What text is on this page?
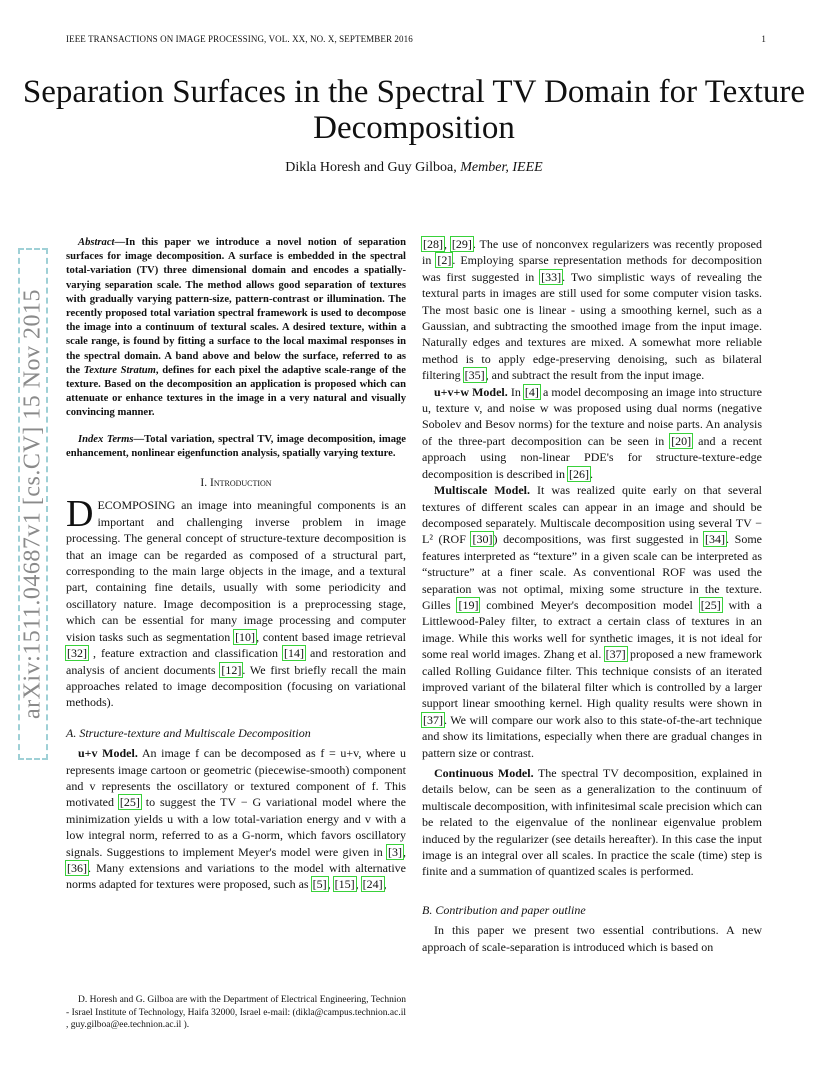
IEEE TRANSACTIONS ON IMAGE PROCESSING, VOL. XX, NO. X, SEPTEMBER 2016	1
Separation Surfaces in the Spectral TV Domain for Texture Decomposition
Dikla Horesh and Guy Gilboa, Member, IEEE
arXiv:1511.04687v1 [cs.CV] 15 Nov 2015

Abstract—In this paper we introduce a novel notion of separation surfaces for image decomposition. A surface is embedded in the spectral total-variation (TV) three dimensional domain and encodes a spatially-varying separation scale. The method allows good separation of textures with gradually varying pattern-size, pattern-contrast or illumination. The recently proposed total variation spectral framework is used to decompose the image into a continuum of textural scales. A desired texture, within a scale range, is found by fitting a surface to the local maximal responses in the spectral domain. A band above and below the surface, referred to as the Texture Stratum, defines for each pixel the adaptive scale-range of the texture. Based on the decomposition an application is proposed which can attenuate or enhance textures in the image in a very natural and visually convincing manner.

Index Terms—Total variation, spectral TV, image decomposition, image enhancement, nonlinear eigenfunction analysis, spatially varying texture.

I. Introduction

DECOMPOSING an image into meaningful components is an important and challenging inverse problem in image processing. The general concept of structure-texture decomposition is that an image can be regarded as composed of a structural part, corresponding to the main large objects in the image, and a textural part, containing fine details, usually with some periodicity and oscillatory nature. Image decomposition is a preprocessing stage, which can be essential for many image processing and computer vision tasks such as segmentation [10], content based image retrieval [32] , feature extraction and classification [14] and restoration and analysis of ancient documents [12]. We first briefly recall the main approaches related to image decomposition (focusing on variational methods).

A. Structure-texture and Multiscale Decomposition

u+v Model. An image f can be decomposed as f = u+v, where u represents image cartoon or geometric (piecewise-smooth) component and v represents the oscillatory or textured component of f. This motivated [25] to suggest the TV − G variational model where the minimization yields u with a low total-variation energy and v with a low integral norm, referred to as a G-norm, which favors oscillatory signals. Suggestions to implement Meyer's model were given in [3], [36]. Many extensions and variations to the model with alternative norms adapted for textures were proposed, such as [5], [15], [24],

D. Horesh and G. Gilboa are with the Department of Electrical Engineering, Technion - Israel Institute of Technology, Haifa 32000, Israel e-mail: (dikla@campus.technion.ac.il , guy.gilboa@ee.technion.ac.il ).

[28], [29]. The use of nonconvex regularizers was recently proposed in [2]. Employing sparse representation methods for decomposition was first suggested in [33]. Two simplistic ways of revealing the textural parts in images are still used for some computer vision tasks. The most basic one is linear - using a smoothing kernel, such as a Gaussian, and subtracting the smoothed image from the input image. Naturally edges and textures are mixed. A somewhat more reliable method is to apply edge-preserving denoising, such as bilateral filtering [35], and subtract the result from the input image.

u+v+w Model. In [4] a model decomposing an image into structure u, texture v, and noise w was proposed using dual norms (negative Sobolev and Besov norms) for the texture and noise parts. An analysis of the three-part decomposition can be seen in [20] and a recent approach using non-linear PDE's for structure-texture-edge decomposition is described in [26].

Multiscale Model. It was realized quite early on that several textures of different scales can appear in an image and should be decomposed separately. Multiscale decomposition using several TV − L² (ROF [30]) decompositions, was first suggested in [34]. Some features interpreted as “texture” in a given scale can be interpreted as “structure” at a finer scale. As conventional ROF was used the separation was not optimal, mixing some structure in the texture. Gilles [19] combined Meyer's decomposition model [25] with a Littlewood-Paley filter, to extract a certain class of textures in an image. While this works well for synthetic images, it is not ideal for some real world images. Zhang et al. [37] proposed a new framework called Rolling Guidance filter. This technique consists of an iterated improved variant of the bilateral filter which is controlled by a larger support linear smoothing kernel. High quality results were shown in [37]. We will compare our work also to this state-of-the-art technique and show its limitations, especially when there are gradual changes in pattern size or contrast.

Continuous Model. The spectral TV decomposition, explained in details below, can be seen as a generalization to the continuum of multiscale decomposition, with infinitesimal scale precision which can be related to the eigenvalue of the nonlinear eigenvalue problem induced by the regularizer (see details hereafter). In this case the input image is an integral over all scales. In practice the scale (time) step is finite and a summation of quantized scales is performed.

B. Contribution and paper outline

In this paper we present two essential contributions. A new approach of scale-separation is introduced which is based on
